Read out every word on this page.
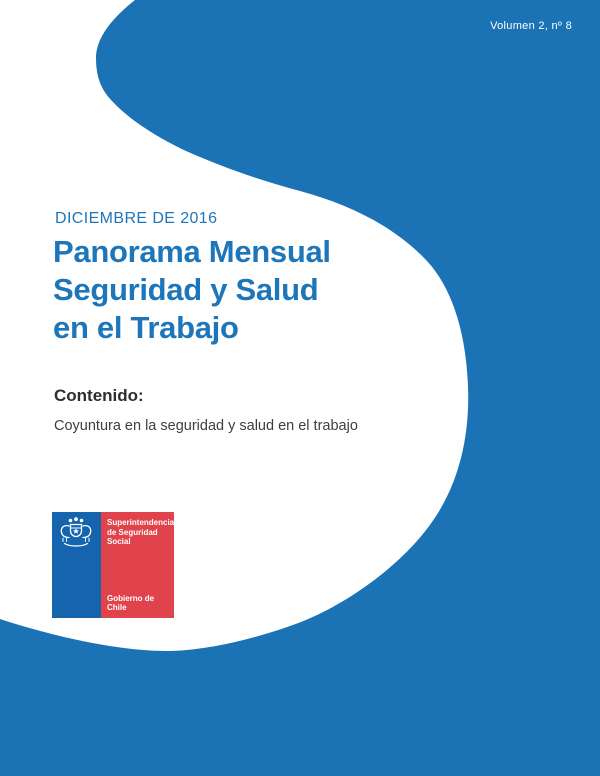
Volumen 2, nº 8
DICIEMBRE DE 2016
Panorama Mensual
Seguridad y Salud
en el Trabajo
Contenido:
Coyuntura en la seguridad y salud en el trabajo
Superintendencia
de Seguridad
Social
Gobierno de Chile
